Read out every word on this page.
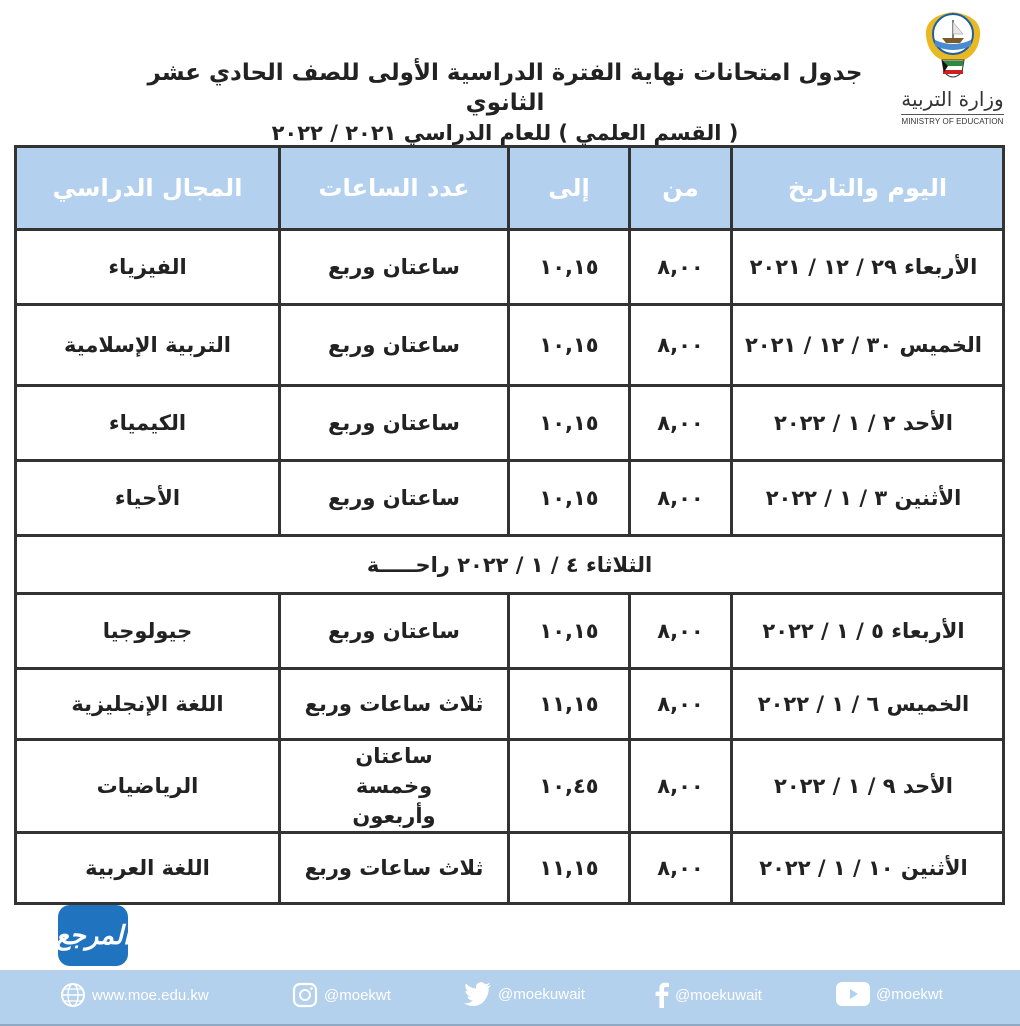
جدول امتحانات نهاية الفترة الدراسية الأولى للصف الحادي عشر الثانوي
( القسم العلمي ) للعام الدراسي ٢٠٢١ / ٢٠٢٢
وزارة التربية
MINISTRY OF EDUCATION
اليوم والتاريخ	من	إلى	عدد الساعات	المجال الدراسي
الأربعاء ٢٩ / ١٢ / ٢٠٢١	٨,٠٠	١٠,١٥	ساعتان وربع	الفيزياء
الخميس ٣٠ / ١٢ / ٢٠٢١	٨,٠٠	١٠,١٥	ساعتان وربع	التربية الإسلامية
الأحد ٢ / ١ / ٢٠٢٢	٨,٠٠	١٠,١٥	ساعتان وربع	الكيمياء
الأثنين ٣ / ١ / ٢٠٢٢	٨,٠٠	١٠,١٥	ساعتان وربع	الأحياء
الثلاثاء ٤ / ١ / ٢٠٢٢ راحـــــة				
الأربعاء ٥ / ١ / ٢٠٢٢	٨,٠٠	١٠,١٥	ساعتان وربع	جيولوجيا
الخميس ٦ / ١ / ٢٠٢٢	٨,٠٠	١١,١٥	ثلاث ساعات وربع	اللغة الإنجليزية
الأحد ٩ / ١ / ٢٠٢٢	٨,٠٠	١٠,٤٥	ساعتان وخمسة وأربعون	الرياضيات
الأثنين ١٠ / ١ / ٢٠٢٢	٨,٠٠	١١,١٥	ثلاث ساعات وربع	اللغة العربية
المرجع
www.moe.edu.kw	@moekwt	@moekuwait	@moekuwait	@moekwt
